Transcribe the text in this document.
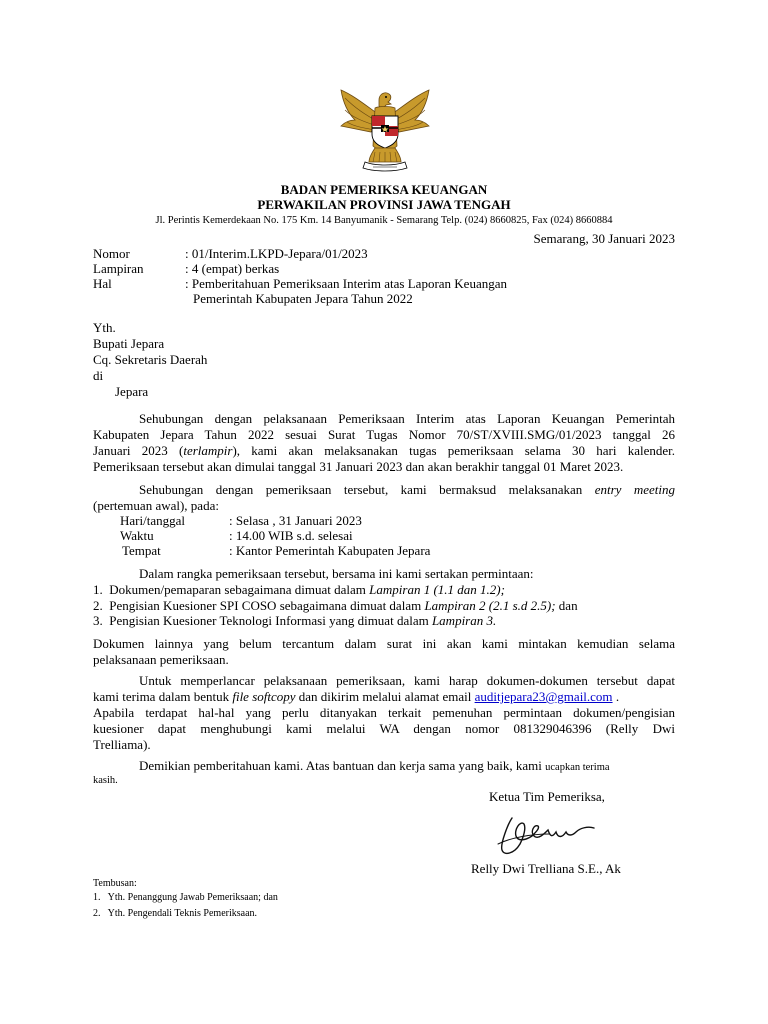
BADAN PEMERIKSA KEUANGAN
PERWAKILAN PROVINSI JAWA TENGAH
Jl. Perintis Kemerdekaan No. 175 Km. 14 Banyumanik - Semarang Telp. (024) 8660825, Fax (024) 8660884
Semarang, 30 Januari 2023
Nomor	: 01/Interim.LKPD-Jepara/01/2023
Lampiran	: 4 (empat) berkas
Hal	: Pemberitahuan Pemeriksaan Interim atas Laporan Keuangan
Pemerintah Kabupaten Jepara Tahun 2022
Yth.
Bupati Jepara
Cq. Sekretaris Daerah
di
Jepara
Sehubungan dengan pelaksanaan Pemeriksaan Interim atas Laporan Keuangan Pemerintah
Kabupaten Jepara Tahun 2022 sesuai Surat Tugas Nomor 70/ST/XVIII.SMG/01/2023 tanggal 26
Januari 2023 (terlampir), kami akan melaksanakan tugas pemeriksaan selama 30 hari kalender.
Pemeriksaan tersebut akan dimulai tanggal 31 Januari 2023 dan akan berakhir tanggal 01 Maret 2023.
Sehubungan dengan pemeriksaan tersebut, kami bermaksud melaksanakan entry meeting
(pertemuan awal), pada:
Hari/tanggal	: Selasa , 31 Januari 2023
Waktu	: 14.00 WIB s.d. selesai
Tempat	: Kantor Pemerintah Kabupaten Jepara
Dalam rangka pemeriksaan tersebut, bersama ini kami sertakan permintaan:
1. Dokumen/pemaparan sebagaimana dimuat dalam Lampiran 1 (1.1 dan 1.2);
2. Pengisian Kuesioner SPI COSO sebagaimana dimuat dalam Lampiran 2 (2.1 s.d 2.5); dan
3. Pengisian Kuesioner Teknologi Informasi yang dimuat dalam Lampiran 3.
Dokumen lainnya yang belum tercantum dalam surat ini akan kami mintakan kemudian selama
pelaksanaan pemeriksaan.
Untuk memperlancar pelaksanaan pemeriksaan, kami harap dokumen-dokumen tersebut dapat
kami terima dalam bentuk file softcopy dan dikirim melalui alamat email auditjepara23@gmail.com .
Apabila terdapat hal-hal yang perlu ditanyakan terkait pemenuhan permintaan dokumen/pengisian
kuesioner dapat menghubungi kami melalui WA dengan nomor 081329046396 (Relly Dwi
Trelliama).
Demikian pemberitahuan kami. Atas bantuan dan kerja sama yang baik, kami ucapkan terima
kasih.
Ketua Tim Pemeriksa,
Relly Dwi Trelliana S.E., Ak
Tembusan:
1. Yth. Penanggung Jawab Pemeriksaan; dan
2. Yth. Pengendali Teknis Pemeriksaan.
